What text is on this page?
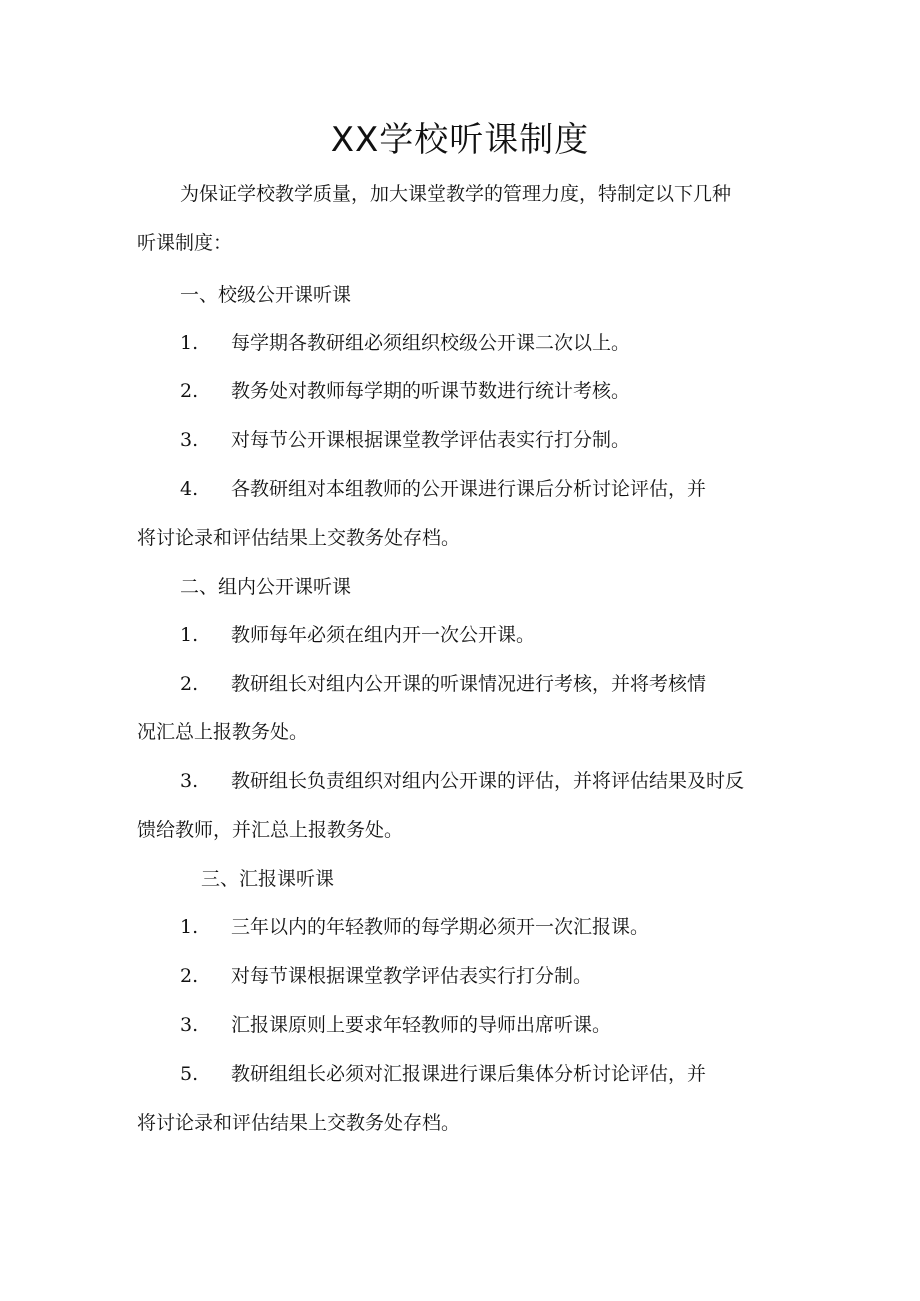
XX学校听课制度
为保证学校教学质量，加大课堂教学的管理力度，特制定以下几种
听课制度：
一、校级公开课听课
1. 每学期各教研组必须组织校级公开课二次以上。
2. 教务处对教师每学期的听课节数进行统计考核。
3. 对每节公开课根据课堂教学评估表实行打分制。
4. 各教研组对本组教师的公开课进行课后分析讨论评估，并
将讨论录和评估结果上交教务处存档。
二、组内公开课听课
1. 教师每年必须在组内开一次公开课。
2. 教研组长对组内公开课的听课情况进行考核，并将考核情
况汇总上报教务处。
3. 教研组长负责组织对组内公开课的评估，并将评估结果及时反
馈给教师，并汇总上报教务处。
三、汇报课听课
1. 三年以内的年轻教师的每学期必须开一次汇报课。
2. 对每节课根据课堂教学评估表实行打分制。
3. 汇报课原则上要求年轻教师的导师出席听课。
5. 教研组组长必须对汇报课进行课后集体分析讨论评估，并
将讨论录和评估结果上交教务处存档。
